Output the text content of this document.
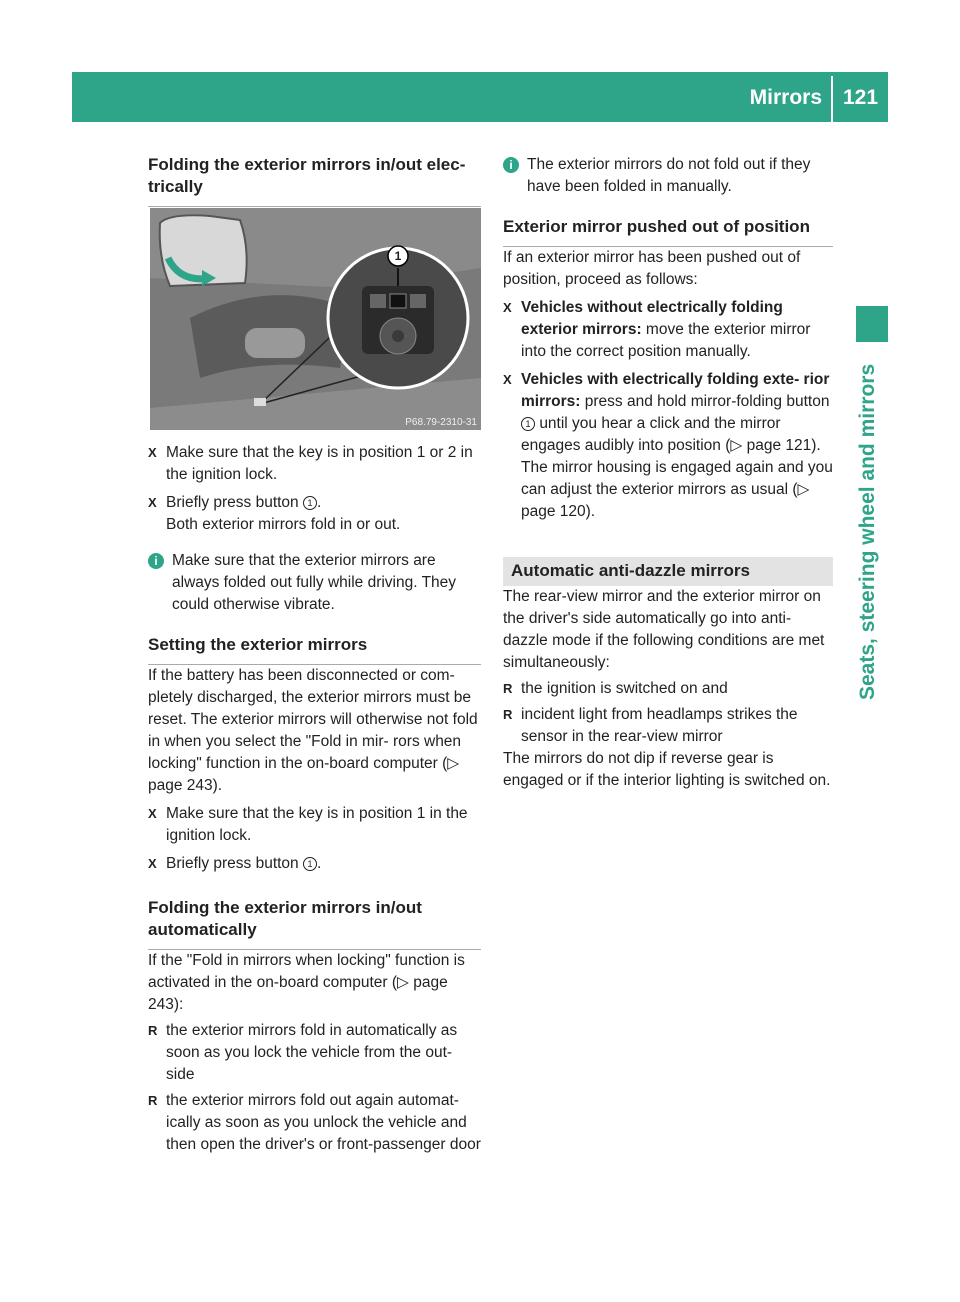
Mirrors 121
Seats, steering wheel and mirrors
Folding the exterior mirrors in/out elec- trically
1
P68.79-2310-31
X Make sure that the key is in position 1 or 2 in the ignition lock.

X Briefly press button 1 .

Both exterior mirrors fold in or out.

i Make sure that the exterior mirrors are always folded out fully while driving. They could otherwise vibrate.

Setting the exterior mirrors

If the battery has been disconnected or com- pletely discharged, the exterior mirrors must be reset. The exterior mirrors will otherwise not fold in when you select the "Fold in mir- rors when locking" function in the on-board computer (▷ page 243).

X Make sure that the key is in position 1 in the ignition lock.

X Briefly press button 1 .

Folding the exterior mirrors in/out automatically

If the "Fold in mirrors when locking" function is activated in the on-board computer (▷ page 243):

R the exterior mirrors fold in automatically as soon as you lock the vehicle from the out- side

R the exterior mirrors fold out again automat- ically as soon as you unlock the vehicle and then open the driver's or front-passenger door

i The exterior mirrors do not fold out if they have been folded in manually.

Exterior mirror pushed out of position

If an exterior mirror has been pushed out of position, proceed as follows:

X Vehicles without electrically folding exterior mirrors: move the exterior mirror into the correct position manually.

X Vehicles with electrically folding exte- rior mirrors: press and hold mirror-folding button 1 until you hear a click and the mirror engages audibly into position (▷ page 121).

The mirror housing is engaged again and you can adjust the exterior mirrors as usual (▷ page 120).

Automatic anti-dazzle mirrors

The rear-view mirror and the exterior mirror on the driver's side automatically go into anti- dazzle mode if the following conditions are met simultaneously:

R the ignition is switched on and

R incident light from headlamps strikes the sensor in the rear-view mirror

The mirrors do not dip if reverse gear is engaged or if the interior lighting is switched on.
